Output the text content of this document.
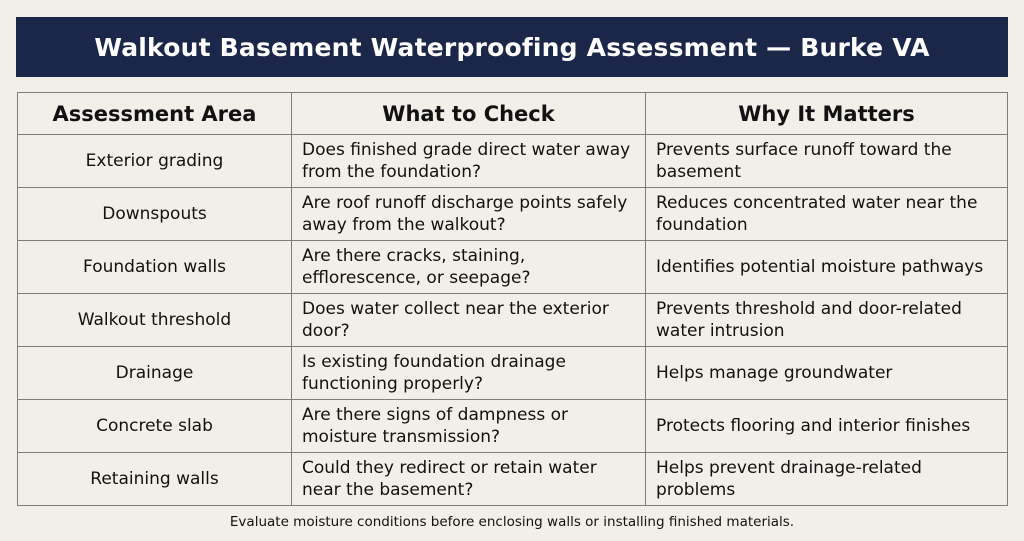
Walkout Basement Waterproofing Assessment — Burke VA
Assessment Area	What to Check	Why It Matters
Exterior grading	Does finished grade direct water away from the foundation?	Prevents surface runoff toward the basement
Downspouts	Are roof runoff discharge points safely away from the walkout?	Reduces concentrated water near the foundation
Foundation walls	Are there cracks, staining, efflorescence, or seepage?	Identifies potential moisture pathways
Walkout threshold	Does water collect near the exterior door?	Prevents threshold and door-related water intrusion
Drainage	Is existing foundation drainage functioning properly?	Helps manage groundwater
Concrete slab	Are there signs of dampness or moisture transmission?	Protects flooring and interior finishes
Retaining walls	Could they redirect or retain water near the basement?	Helps prevent drainage-related problems
Evaluate moisture conditions before enclosing walls or installing finished materials.
